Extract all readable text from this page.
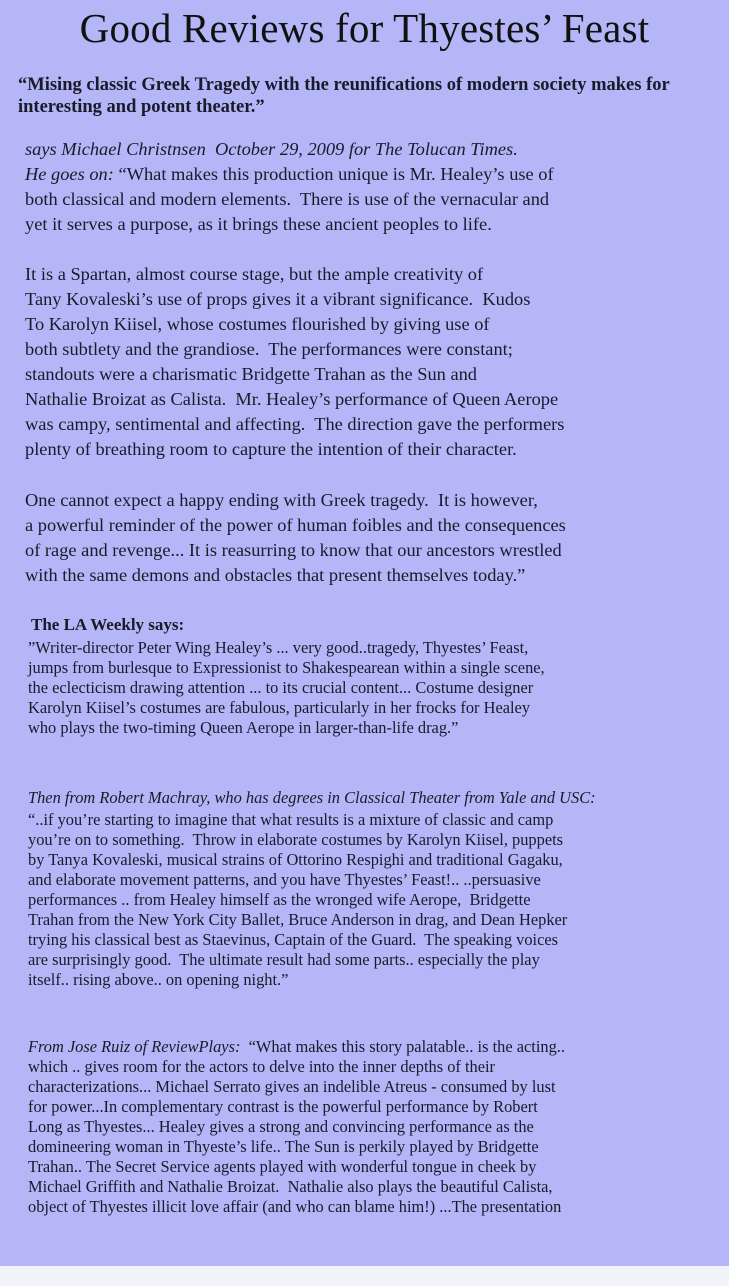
Good Reviews for Thyestes’ Feast

“Mising classic Greek Tragedy with the reunifications of modern society makes for interesting and potent theater.”

says Michael Christnsen  October 29, 2009 for The Tolucan Times.
He goes on: “What makes this production unique is Mr. Healey’s use of
both classical and modern elements.  There is use of the vernacular and
yet it serves a purpose, as it brings these ancient peoples to life.
It is a Spartan, almost course stage, but the ample creativity of
Tany Kovaleski’s use of props gives it a vibrant significance.  Kudos
To Karolyn Kiisel, whose costumes flourished by giving use of
both subtlety and the grandiose.  The performances were constant;
standouts were a charismatic Bridgette Trahan as the Sun and
Nathalie Broizat as Calista.  Mr. Healey’s performance of Queen Aerope
was campy, sentimental and affecting.  The direction gave the performers
plenty of breathing room to capture the intention of their character.
One cannot expect a happy ending with Greek tragedy.  It is however,
a powerful reminder of the power of human foibles and the consequences
of rage and revenge... It is reasurring to know that our ancestors wrestled
with the same demons and obstacles that present themselves today.”
The LA Weekly says:
”Writer-director Peter Wing Healey’s ... very good..tragedy, Thyestes’ Feast,
jumps from burlesque to Expressionist to Shakespearean within a single scene,
the eclecticism drawing attention ... to its crucial content... Costume designer
Karolyn Kiisel’s costumes are fabulous, particularly in her frocks for Healey
who plays the two-timing Queen Aerope in larger-than-life drag.”
Then from Robert Machray, who has degrees in Classical Theater from Yale and USC:
“..if you’re starting to imagine that what results is a mixture of classic and camp
you’re on to something.  Throw in elaborate costumes by Karolyn Kiisel, puppets
by Tanya Kovaleski, musical strains of Ottorino Respighi and traditional Gagaku,
and elaborate movement patterns, and you have Thyestes’ Feast!.. ..persuasive
performances .. from Healey himself as the wronged wife Aerope,  Bridgette
Trahan from the New York City Ballet, Bruce Anderson in drag, and Dean Hepker
trying his classical best as Staevinus, Captain of the Guard.  The speaking voices
are surprisingly good.  The ultimate result had some parts.. especially the play
itself.. rising above.. on opening night.”
From Jose Ruiz of ReviewPlays:  “What makes this story palatable.. is the acting..
which .. gives room for the actors to delve into the inner depths of their
characterizations... Michael Serrato gives an indelible Atreus - consumed by lust
for power...In complementary contrast is the powerful performance by Robert
Long as Thyestes... Healey gives a strong and convincing performance as the
domineering woman in Thyeste’s life.. The Sun is perkily played by Bridgette
Trahan.. The Secret Service agents played with wonderful tongue in cheek by
Michael Griffith and Nathalie Broizat.  Nathalie also plays the beautiful Calista,
object of Thyestes illicit love affair (and who can blame him!) ...The presentation
